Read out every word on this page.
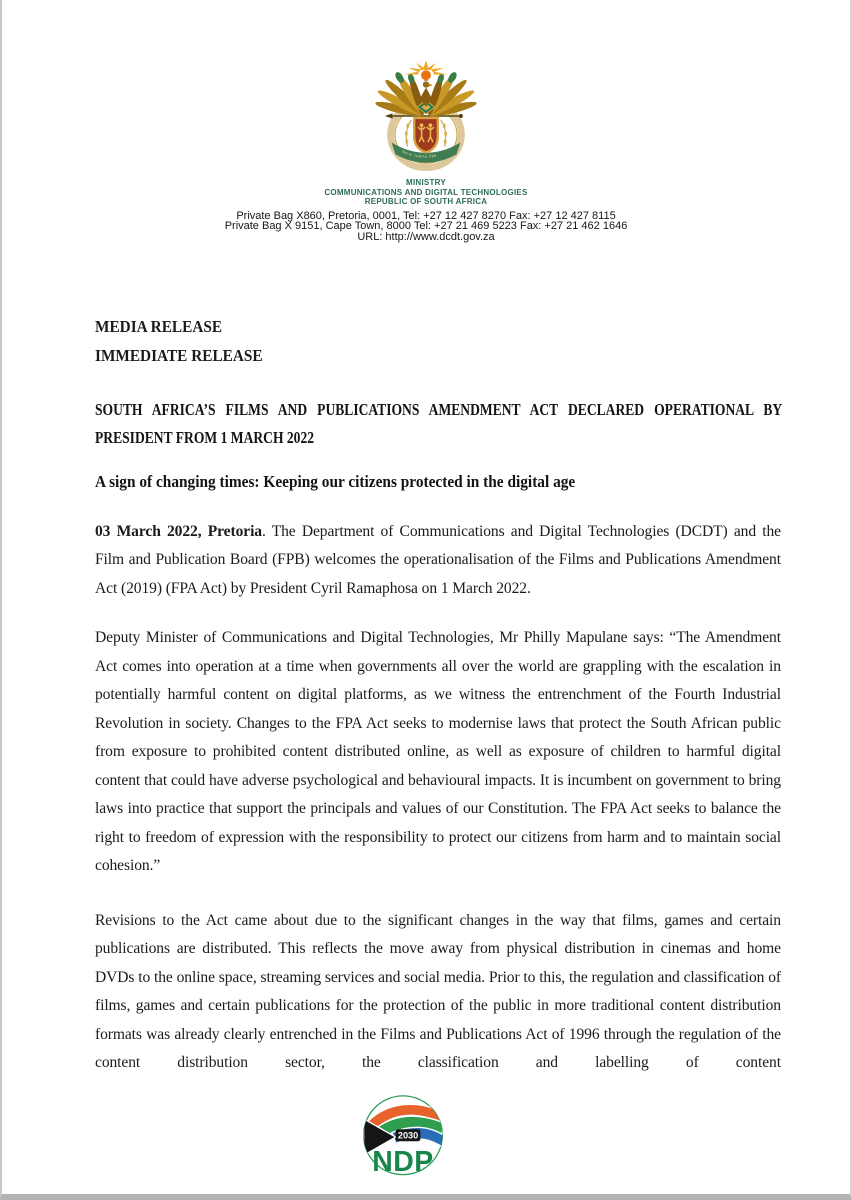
!ke e: /xarra //ke
MINISTRY
COMMUNICATIONS AND DIGITAL TECHNOLOGIES
REPUBLIC OF SOUTH AFRICA
Private Bag X860, Pretoria, 0001, Tel: +27 12 427 8270 Fax: +27 12 427 8115
Private Bag X 9151, Cape Town, 8000 Tel: +27 21 469 5223 Fax: +27 21 462 1646
URL: http://www.dcdt.gov.za
MEDIA RELEASE
IMMEDIATE RELEASE
SOUTH AFRICA’S FILMS AND PUBLICATIONS AMENDMENT ACT DECLARED OPERATIONAL BY PRESIDENT FROM 1 MARCH 2022
A sign of changing times: Keeping our citizens protected in the digital age

03 March 2022, Pretoria. The Department of Communications and Digital Technologies (DCDT) and the Film and Publication Board (FPB) welcomes the operationalisation of the Films and Publications Amendment Act (2019) (FPA Act) by President Cyril Ramaphosa on 1 March 2022.

Deputy Minister of Communications and Digital Technologies, Mr Philly Mapulane says: “The Amendment Act comes into operation at a time when governments all over the world are grappling with the escalation in potentially harmful content on digital platforms, as we witness the entrenchment of the Fourth Industrial Revolution in society. Changes to the FPA Act seeks to modernise laws that protect the South African public from exposure to prohibited content distributed online, as well as exposure of children to harmful digital content that could have adverse psychological and behavioural impacts. It is incumbent on government to bring laws into practice that support the principals and values of our Constitution. The FPA Act seeks to balance the right to freedom of expression with the responsibility to protect our citizens from harm and to maintain social cohesion.”

Revisions to the Act came about due to the significant changes in the way that films, games and certain publications are distributed. This reflects the move away from physical distribution in cinemas and home DVDs to the online space, streaming services and social media. Prior to this, the regulation and classification of films, games and certain publications for the protection of the public in more traditional content distribution formats was already clearly entrenched in the Films and Publications Act of 1996 through the regulation of the content distribution sector, the classification and labelling of content

2030
NDP
